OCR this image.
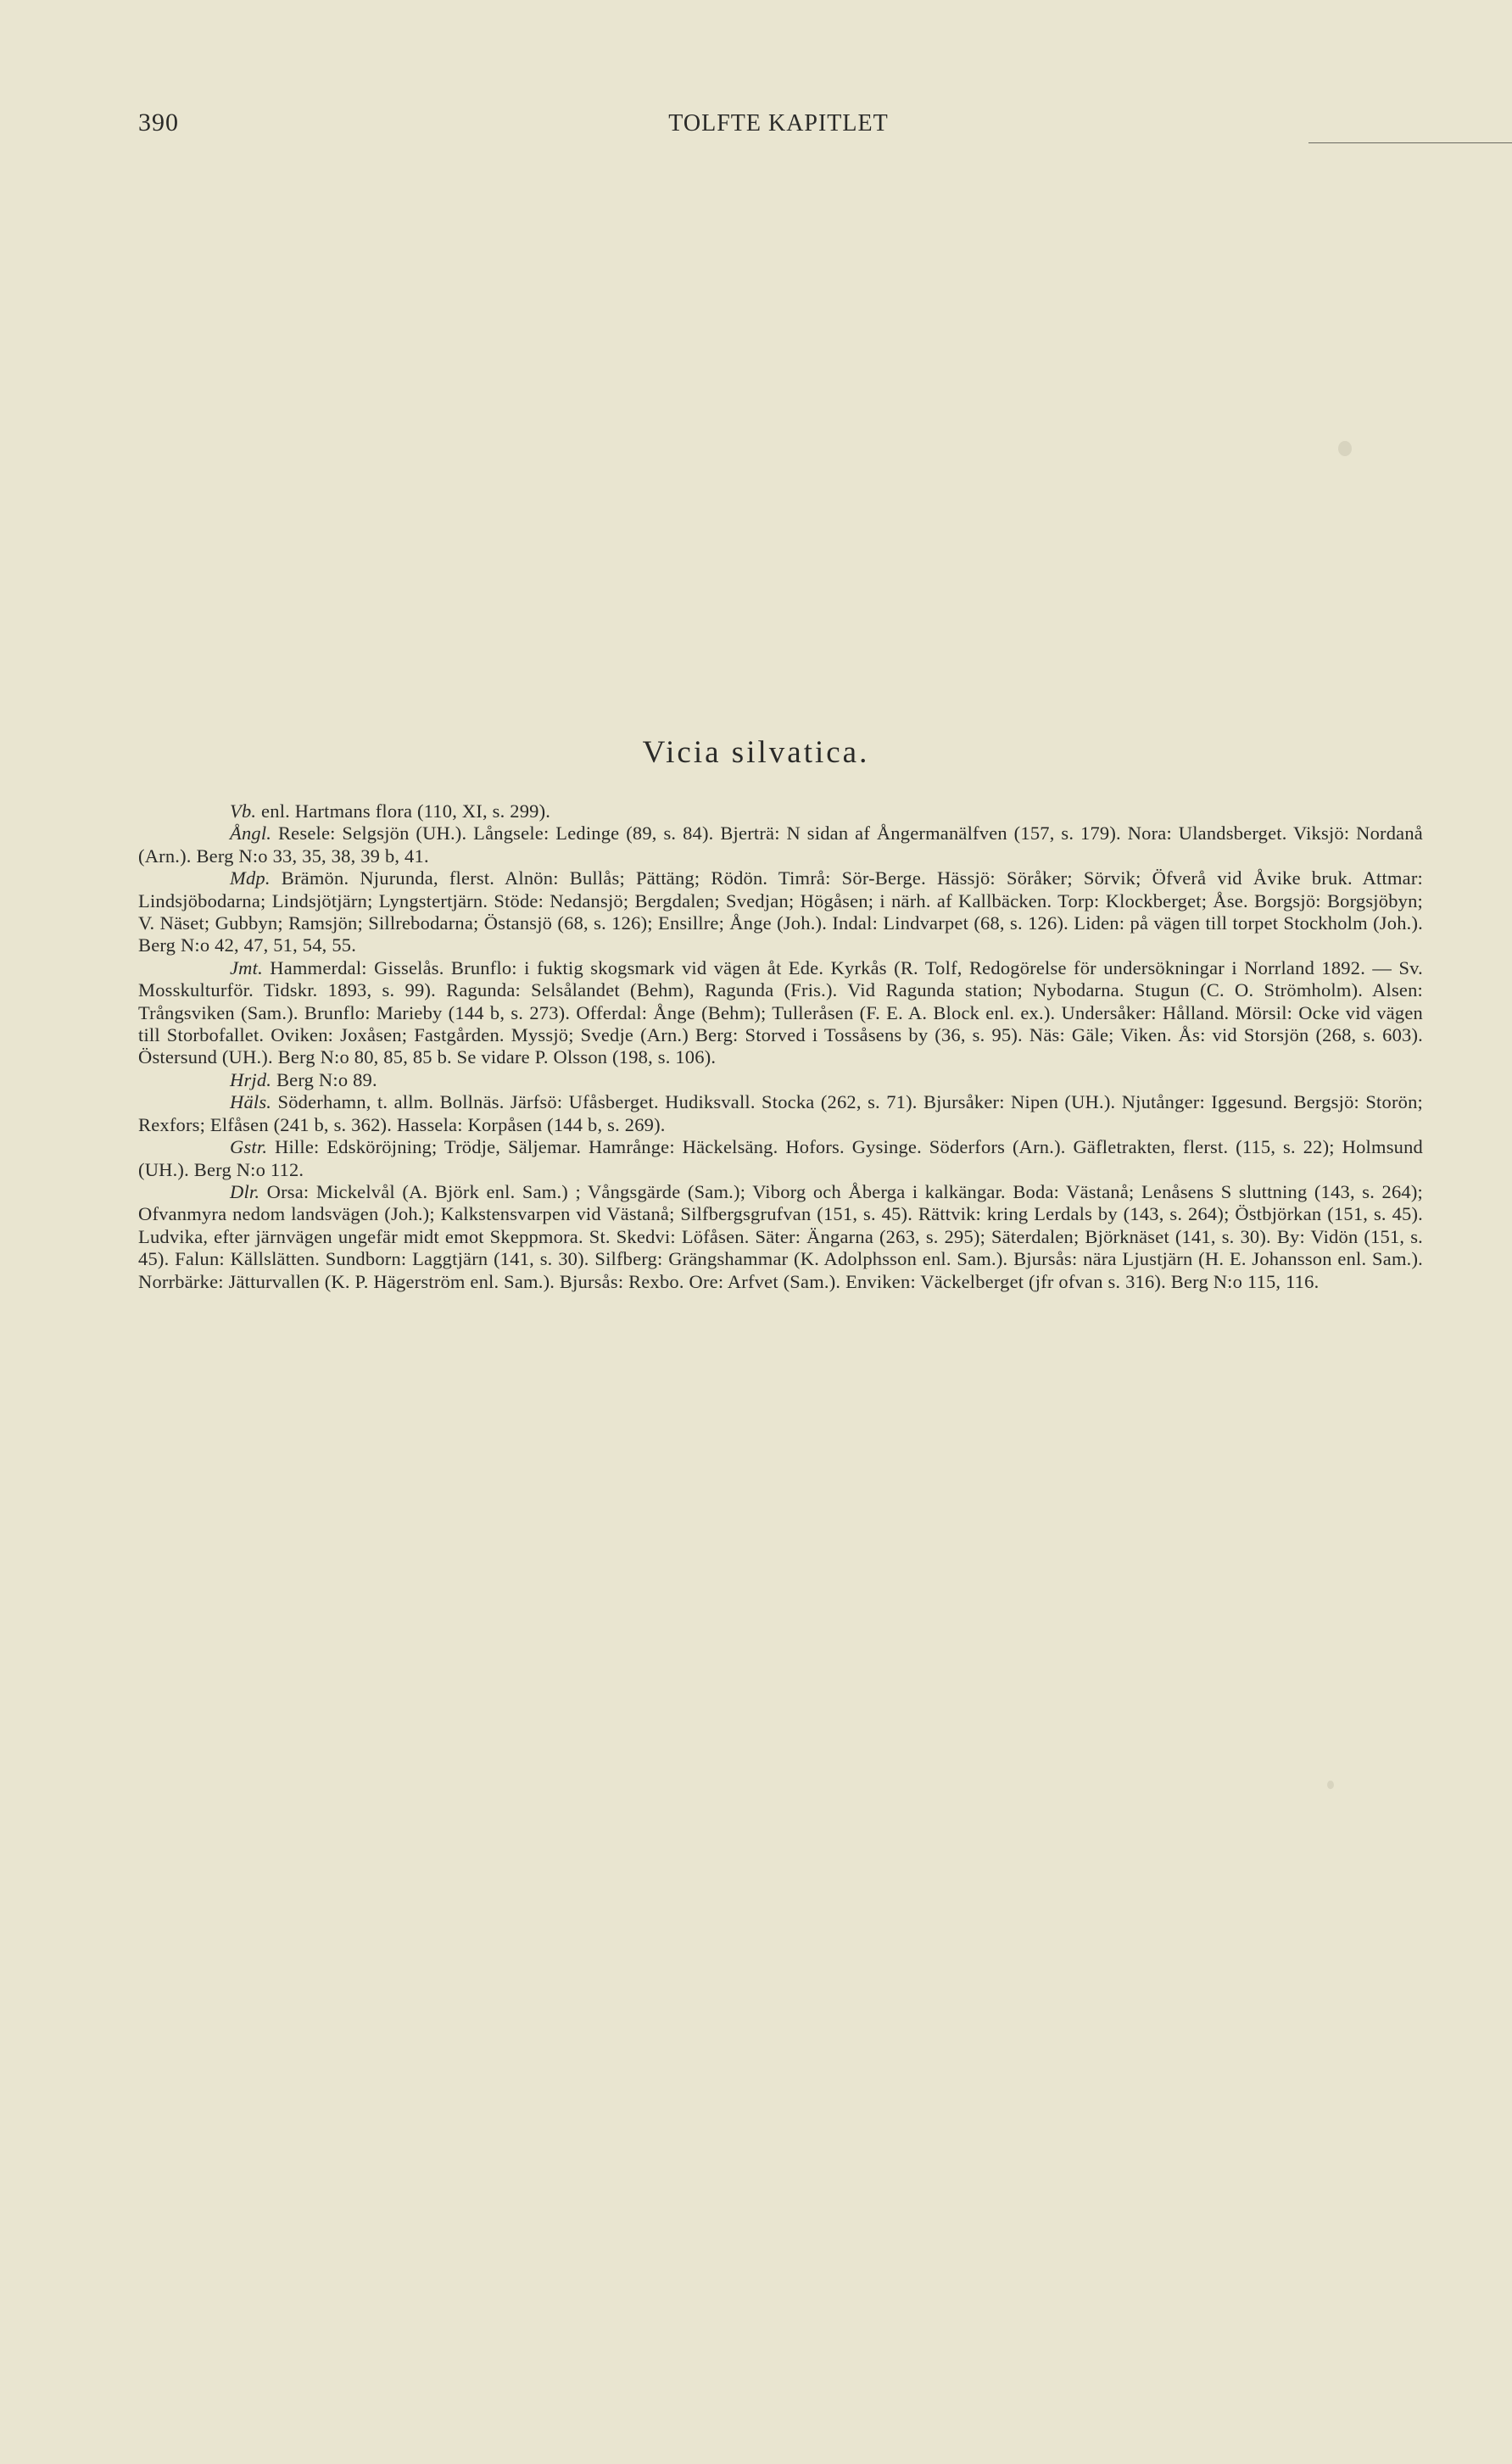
390	TOLFTE KAPITLET
Vicia silvatica.

Vb. enl. Hartmans flora (110, XI, s. 299).

Ångl. Resele: Selgsjön (UH.). Långsele: Ledinge (89, s. 84). Bjerträ: N sidan af Ångermanälfven (157, s. 179). Nora: Ulandsberget. Viksjö: Nordanå (Arn.). Berg N:o 33, 35, 38, 39 b, 41.

Mdp. Brämön. Njurunda, flerst. Alnön: Bullås; Pättäng; Rödön. Timrå: Sör-Berge. Hässjö: Söråker; Sörvik; Öfverå vid Åvike bruk. Attmar: Lindsjöbodarna; Lindsjötjärn; Lyngstertjärn. Stöde: Nedansjö; Bergdalen; Svedjan; Högåsen; i närh. af Kallbäcken. Torp: Klockberget; Åse. Borgsjö: Borgsjöbyn; V. Näset; Gubbyn; Ramsjön; Sillrebodarna; Östansjö (68, s. 126); Ensillre; Ånge (Joh.). Indal: Lindvarpet (68, s. 126). Liden: på vägen till torpet Stockholm (Joh.). Berg N:o 42, 47, 51, 54, 55.

Jmt. Hammerdal: Gisselås. Brunflo: i fuktig skogsmark vid vägen åt Ede. Kyrkås (R. Tolf, Redogörelse för undersökningar i Norrland 1892. — Sv. Mosskulturför. Tidskr. 1893, s. 99). Ragunda: Selsålandet (Behm), Ragunda (Fris.). Vid Ragunda station; Nybodarna. Stugun (C. O. Strömholm). Alsen: Trångsviken (Sam.). Brunflo: Marieby (144 b, s. 273). Offerdal: Ånge (Behm); Tulleråsen (F. E. A. Block enl. ex.). Undersåker: Hålland. Mörsil: Ocke vid vägen till Storbofallet. Oviken: Joxåsen; Fastgården. Myssjö; Svedje (Arn.) Berg: Storved i Tossåsens by (36, s. 95). Näs: Gäle; Viken. Ås: vid Storsjön (268, s. 603). Östersund (UH.). Berg N:o 80, 85, 85 b. Se vidare P. Olsson (198, s. 106).

Hrjd. Berg N:o 89.

Häls. Söderhamn, t. allm. Bollnäs. Järfsö: Ufåsberget. Hudiksvall. Stocka (262, s. 71). Bjursåker: Nipen (UH.). Njutånger: Iggesund. Bergsjö: Storön; Rexfors; Elfåsen (241 b, s. 362). Hassela: Korpåsen (144 b, s. 269).

Gstr. Hille: Edsköröjning; Trödje, Säljemar. Hamrånge: Häckelsäng. Hofors. Gysinge. Söderfors (Arn.). Gäfletrakten, flerst. (115, s. 22); Holmsund (UH.). Berg N:o 112.

Dlr. Orsa: Mickelvål (A. Björk enl. Sam.) ; Vångsgärde (Sam.); Viborg och Åberga i kalkängar. Boda: Västanå; Lenåsens S sluttning (143, s. 264); Ofvanmyra nedom landsvägen (Joh.); Kalkstensvarpen vid Västanå; Silfbergsgrufvan (151, s. 45). Rättvik: kring Lerdals by (143, s. 264); Östbjörkan (151, s. 45). Ludvika, efter järnvägen ungefär midt emot Skeppmora. St. Skedvi: Löfåsen. Säter: Ängarna (263, s. 295); Säterdalen; Björknäset (141, s. 30). By: Vidön (151, s. 45). Falun: Källslätten. Sundborn: Laggtjärn (141, s. 30). Silfberg: Grängshammar (K. Adolphsson enl. Sam.). Bjursås: nära Ljustjärn (H. E. Johansson enl. Sam.). Norrbärke: Jätturvallen (K. P. Hägerström enl. Sam.). Bjursås: Rexbo. Ore: Arfvet (Sam.). Enviken: Väckelberget (jfr ofvan s. 316). Berg N:o 115, 116.
